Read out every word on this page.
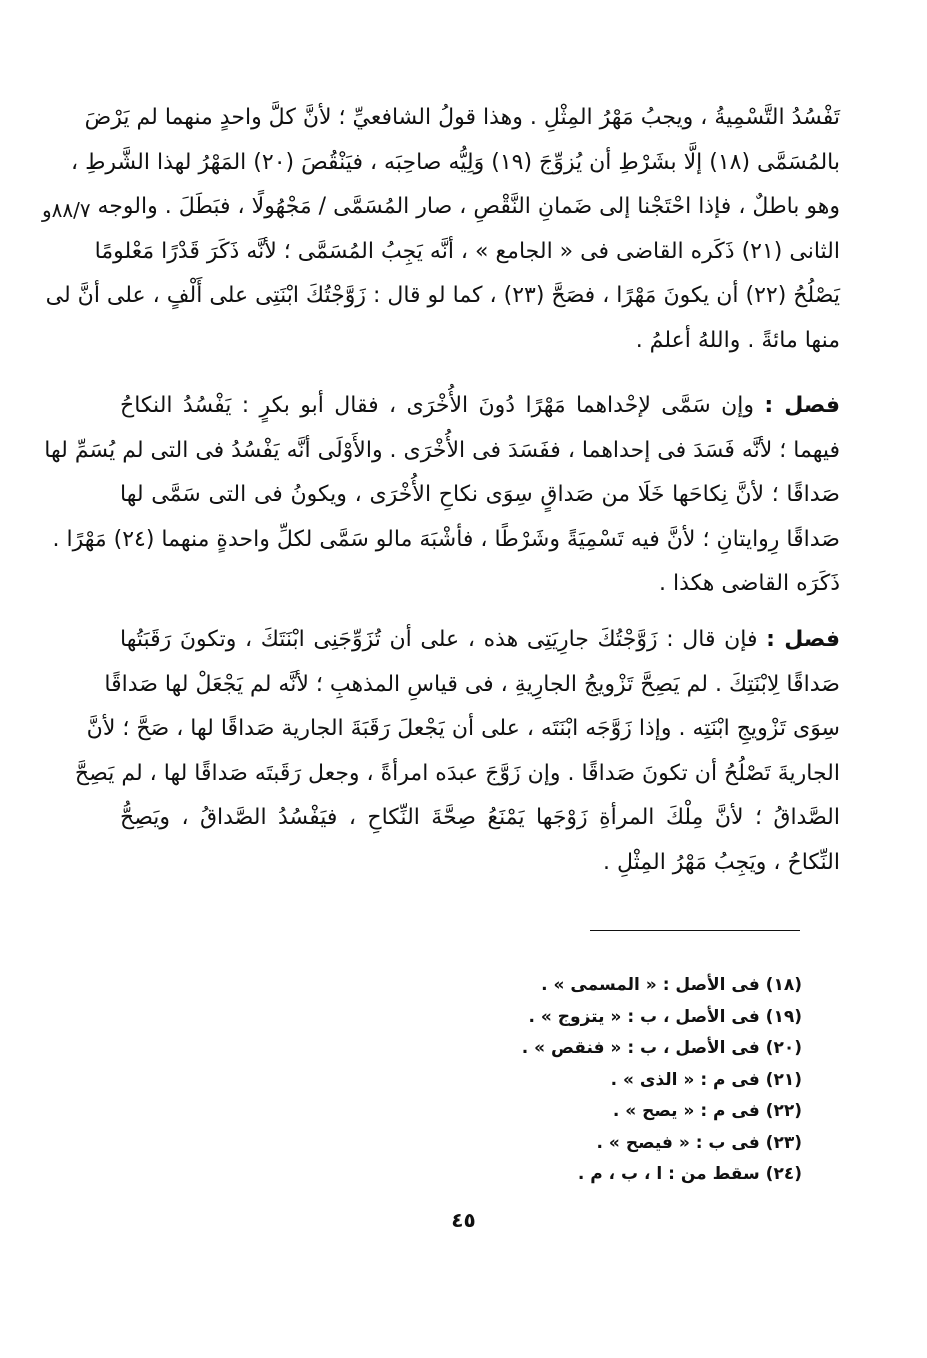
٨٨/٧و
تَفْسُدُ التَّسْمِيةُ ، ويجبُ مَهْرُ المِثْلِ . وهذا قولُ الشافعيِّ ؛ لأنَّ كلَّ واحدٍ منهما لم يَرْضَ
بالمُسَمَّى (١٨) إلَّا بشَرْطِ أن يُزوِّجَ (١٩) وَلِيُّه صاحِبَه ، فيَنْقُصَ (٢٠) المَهْرُ لهذا الشَّرطِ ،
وهو باطلٌ ، فإذا احْتَجْنا إلى ضَمانِ النَّقْصِ ، صار المُسَمَّى / مَجْهُولًا ، فبَطَلَ . والوجه
الثانى (٢١) ذَكَره القاضى فى « الجامع » ، أنَّه يَجِبُ المُسَمَّى ؛ لأنَّه ذَكَرَ قَدْرًا مَعْلومًا
يَصْلُحُ (٢٢) أن يكونَ مَهْرًا ، فصَحَّ (٢٣) ، كما لو قال : زَوَّجْتُكَ ابْنَتِى على أَلْفٍ ، على أنَّ لى
منها مائةً . واللهُ أعلمُ .
فصل : وإن سَمَّى لإحْداهما مَهْرًا دُونَ الأُخْرَى ، فقال أبو بكرٍ : يَفْسُدُ النكاحُ
فيهما ؛ لأنَّه فَسَدَ فى إحداهما ، ففَسَدَ فى الأُخْرَى . والأَوْلَى أنَّه يَفْسُدُ فى التى لم يُسَمِّ لها
صَداقًا ؛ لأنَّ نِكاحَها خَلَا من صَداقٍ سِوَى نكاحِ الأُخْرَى ، ويكونُ فى التى سَمَّى لها
صَداقًا رِوايتانِ ؛ لأنَّ فيه تَسْمِيَةً وشَرْطًا ، فأشْبَهَ مالو سَمَّى لكلِّ واحدةٍ منهما (٢٤) مَهْرًا .
ذَكَرَه القاضى هكذا .
فصل : فإن قال : زَوَّجْتُكَ جارِيَتِى هذه ، على أن تُزَوِّجَنِى ابْنَتَكَ ، وتكونَ رَقَبَتُها
صَداقًا لِابْنَتِكَ . لم يَصِحَّ تَزْويجُ الجارِيةِ ، فى قياسِ المذهبِ ؛ لأنَّه لم يَجْعَلْ لها صَداقًا
سِوَى تَزْويجِ ابْنَتِه . وإذا زَوَّجَه ابْنَتَه ، على أن يَجْعلَ رَقَبَةَ الجارية صَداقًا لها ، صَحَّ ؛ لأنَّ
الجاريةَ تَصْلُحُ أن تكونَ صَداقًا . وإن زَوَّجَ عبدَه امرأةً ، وجعل رَقَبتَه صَداقًا لها ، لم يَصِحَّ
الصَّداقُ ؛ لأنَّ مِلْكَ المرأةِ زَوْجَها يَمْنَعُ صِحَّةَ النِّكاحِ ، فيَفْسُدُ الصَّداقُ ، ويَصِحُّ
النِّكاحُ ، ويَجِبُ مَهْرُ المِثْلِ .
(١٨) فى الأصل : « المسمى » .
(١٩) فى الأصل ، ب : « يتزوج » .
(٢٠) فى الأصل ، ب : « فنقص » .
(٢١) فى م : « الذى » .
(٢٢) فى م : « يصح » .
(٢٣) فى ب : « فيصح » .
(٢٤) سقط من : ا ، ب ، م .
٤٥
